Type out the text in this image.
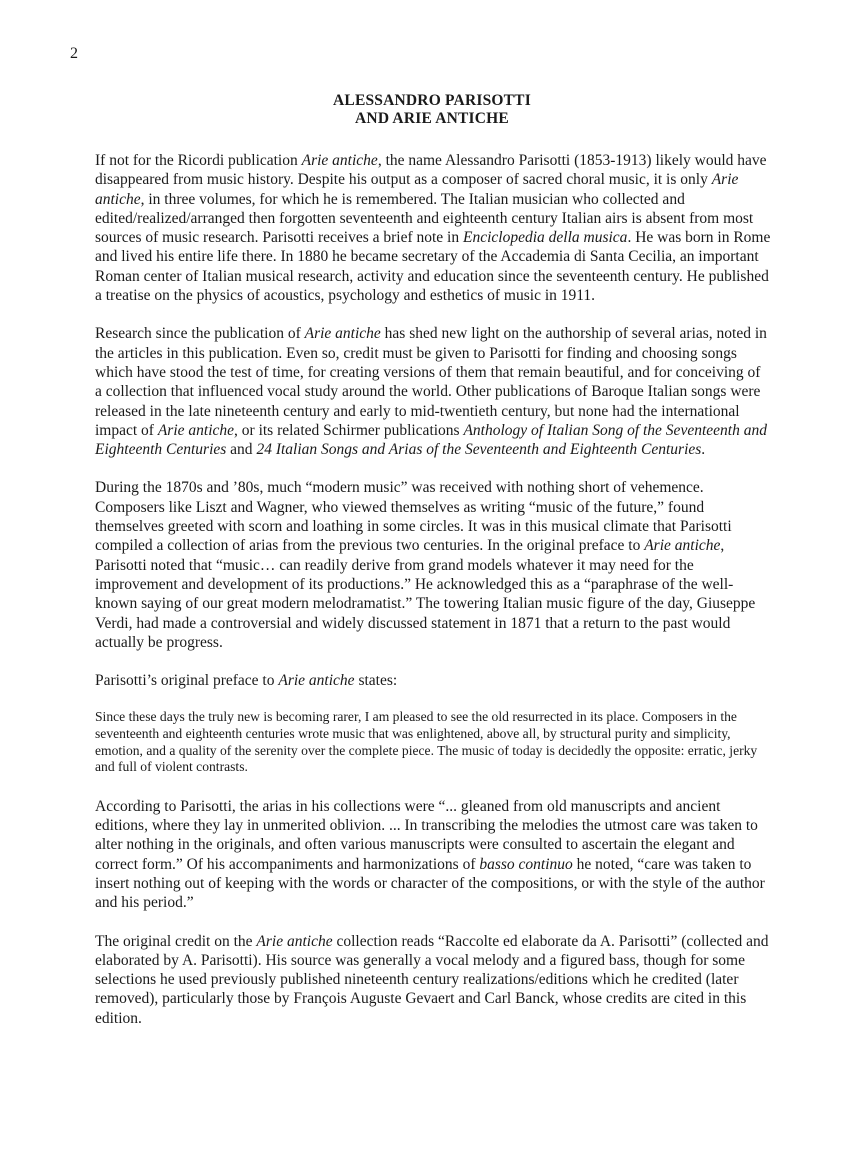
2
ALESSANDRO PARISOTTI
AND ARIE ANTICHE

If not for the Ricordi publication Arie antiche, the name Alessandro Parisotti (1853-1913) likely would have disappeared from music history. Despite his output as a composer of sacred choral music, it is only Arie antiche, in three volumes, for which he is remembered. The Italian musician who collected and edited/realized/arranged then forgotten seventeenth and eighteenth century Italian airs is absent from most sources of music research. Parisotti receives a brief note in Enciclopedia della musica. He was born in Rome and lived his entire life there. In 1880 he became secretary of the Accademia di Santa Cecilia, an important Roman center of Italian musical research, activity and education since the seventeenth century. He published a treatise on the physics of acoustics, psychology and esthetics of music in 1911.

Research since the publication of Arie antiche has shed new light on the authorship of several arias, noted in the articles in this publication. Even so, credit must be given to Parisotti for finding and choosing songs which have stood the test of time, for creating versions of them that remain beautiful, and for conceiving of a collection that influenced vocal study around the world. Other publications of Baroque Italian songs were released in the late nineteenth century and early to mid-twentieth century, but none had the international impact of Arie antiche, or its related Schirmer publications Anthology of Italian Song of the Seventeenth and Eighteenth Centuries and 24 Italian Songs and Arias of the Seventeenth and Eighteenth Centuries.

During the 1870s and ’80s, much “modern music” was received with nothing short of vehemence. Composers like Liszt and Wagner, who viewed themselves as writing “music of the future,” found themselves greeted with scorn and loathing in some circles. It was in this musical climate that Parisotti compiled a collection of arias from the previous two centuries. In the original preface to Arie antiche, Parisotti noted that “music… can readily derive from grand models whatever it may need for the improvement and development of its productions.” He acknowledged this as a “paraphrase of the well-known saying of our great modern melodramatist.” The towering Italian music figure of the day, Giuseppe Verdi, had made a controversial and widely discussed statement in 1871 that a return to the past would actually be progress.

Parisotti’s original preface to Arie antiche states:

Since these days the truly new is becoming rarer, I am pleased to see the old resurrected in its place. Composers in the seventeenth and eighteenth centuries wrote music that was enlightened, above all, by structural purity and simplicity, emotion, and a quality of the serenity over the complete piece. The music of today is decidedly the opposite: erratic, jerky and full of violent contrasts.

According to Parisotti, the arias in his collections were “... gleaned from old manuscripts and ancient editions, where they lay in unmerited oblivion. ... In transcribing the melodies the utmost care was taken to alter nothing in the originals, and often various manuscripts were consulted to ascertain the elegant and correct form.” Of his accompaniments and harmonizations of basso continuo he noted, “care was taken to insert nothing out of keeping with the words or character of the compositions, or with the style of the author and his period.”

The original credit on the Arie antiche collection reads “Raccolte ed elaborate da A. Parisotti” (collected and elaborated by A. Parisotti). His source was generally a vocal melody and a figured bass, though for some selections he used previously published nineteenth century realizations/editions which he credited (later removed), particularly those by François Auguste Gevaert and Carl Banck, whose credits are cited in this edition.
